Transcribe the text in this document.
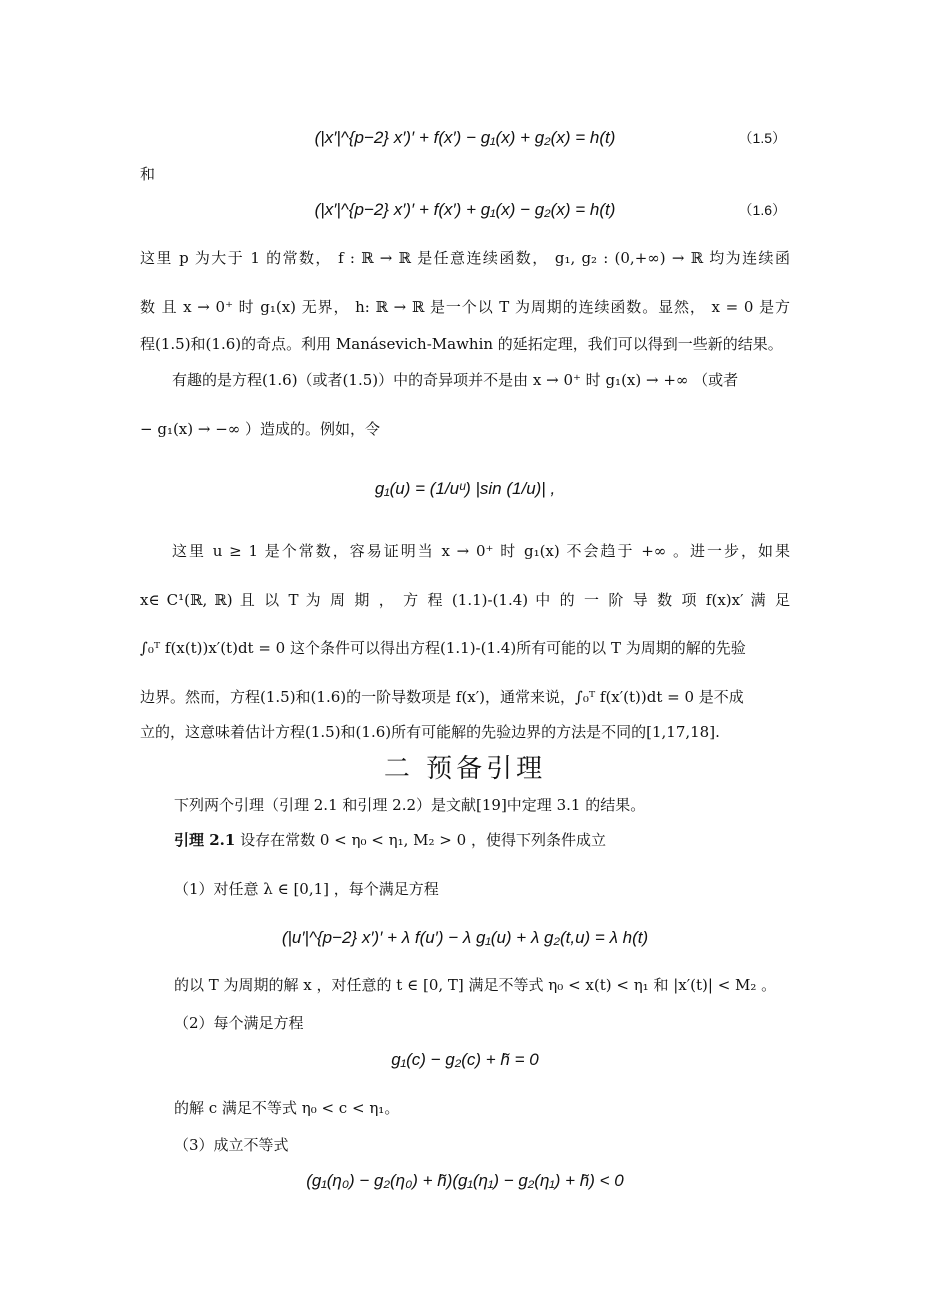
(|x′|^{p−2} x′)′ + f(x′) − g₁(x) + g₂(x) = h(t)	（1.5）
和
(|x′|^{p−2} x′)′ + f(x′) + g₁(x) − g₂(x) = h(t)	（1.6）
这里 p 为大于 1 的常数， f : ℝ → ℝ 是任意连续函数， g₁, g₂ : (0,+∞) → ℝ 均为连续函
数 且 x → 0⁺ 时 g₁(x) 无界， h: ℝ → ℝ 是一个以 T 为周期的连续函数。显然， x = 0 是方
程(1.5)和(1.6)的奇点。利用 Manásevich-Mawhin 的延拓定理，我们可以得到一些新的结果。
有趣的是方程(1.6)（或者(1.5)）中的奇异项并不是由 x → 0⁺ 时 g₁(x) → +∞ （或者
− g₁(x) → −∞ ）造成的。例如，令
g₁(u) = (1/uᵘ) |sin (1/u)| ,
这里 u ≥ 1 是个常数，容易证明当 x → 0⁺ 时 g₁(x) 不会趋于 +∞ 。进一步，如果
x∈ C¹(ℝ, ℝ) 且 以 T 为 周 期 ， 方 程 (1.1)-(1.4) 中 的 一 阶 导 数 项 f(x)x′ 满 足
∫₀ᵀ f(x(t))x′(t)dt = 0 这个条件可以得出方程(1.1)-(1.4)所有可能的以 T 为周期的解的先验
边界。然而，方程(1.5)和(1.6)的一阶导数项是 f(x′)，通常来说，∫₀ᵀ f(x′(t))dt = 0 是不成
立的，这意味着估计方程(1.5)和(1.6)所有可能解的先验边界的方法是不同的[1,17,18].
二 预备引理
下列两个引理（引理 2.1 和引理 2.2）是文献[19]中定理 3.1 的结果。
引理 2.1 设存在常数 0 < η₀ < η₁, M₂ > 0 ，使得下列条件成立
（1）对任意 λ ∈ [0,1] ，每个满足方程
(|u′|^{p−2} x′)′ + λ f(u′) − λ g₁(u) + λ g₂(t,u) = λ h(t)
的以 T 为周期的解 x ，对任意的 t ∈ [0, T] 满足不等式 η₀ < x(t) < η₁ 和 |x′(t)| < M₂ 。
（2）每个满足方程
g₁(c) − g₂(c) + h̃ = 0
的解 c 满足不等式 η₀ < c < η₁。
（3）成立不等式
(g₁(η₀) − g₂(η₀) + h̃)(g₁(η₁) − g₂(η₁) + h̃) < 0
